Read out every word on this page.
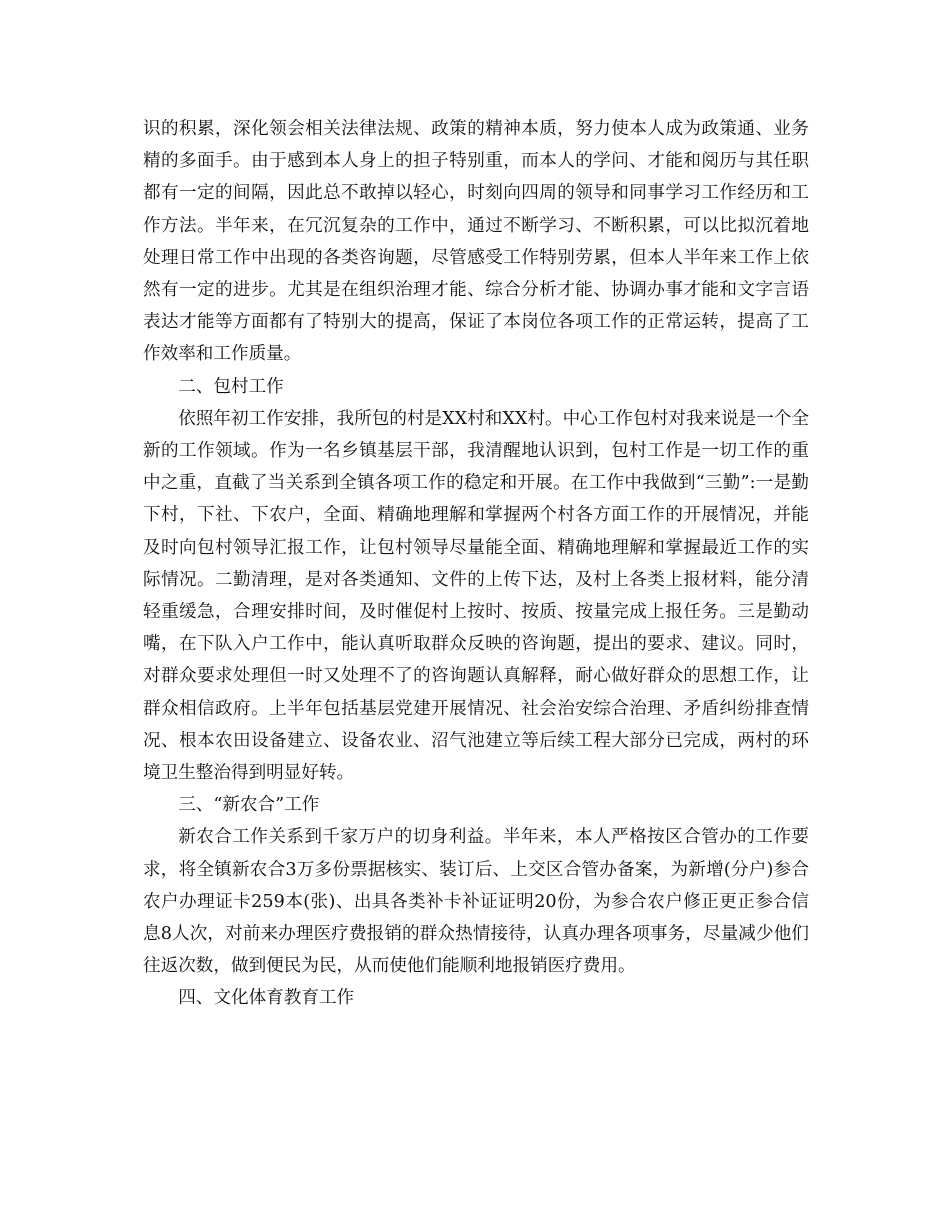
识的积累，深化领会相关法律法规、政策的精神本质，努力使本人成为政策通、业务精的多面手。由于感到本人身上的担子特别重，而本人的学问、才能和阅历与其任职都有一定的间隔，因此总不敢掉以轻心，时刻向四周的领导和同事学习工作经历和工作方法。半年来，在冗沉复杂的工作中，通过不断学习、不断积累，可以比拟沉着地处理日常工作中出现的各类咨询题，尽管感受工作特别劳累，但本人半年来工作上依然有一定的进步。尤其是在组织治理才能、综合分析才能、协调办事才能和文字言语表达才能等方面都有了特别大的提高，保证了本岗位各项工作的正常运转，提高了工作效率和工作质量。

二、包村工作

依照年初工作安排，我所包的村是XX村和XX村。中心工作包村对我来说是一个全新的工作领域。作为一名乡镇基层干部，我清醒地认识到，包村工作是一切工作的重中之重，直截了当关系到全镇各项工作的稳定和开展。在工作中我做到“三勤”:一是勤下村，下社、下农户，全面、精确地理解和掌握两个村各方面工作的开展情况，并能及时向包村领导汇报工作，让包村领导尽量能全面、精确地理解和掌握最近工作的实际情况。二勤清理，是对各类通知、文件的上传下达，及村上各类上报材料，能分清轻重缓急，合理安排时间，及时催促村上按时、按质、按量完成上报任务。三是勤动嘴，在下队入户工作中，能认真听取群众反映的咨询题，提出的要求、建议。同时，对群众要求处理但一时又处理不了的咨询题认真解释，耐心做好群众的思想工作，让群众相信政府。上半年包括基层党建开展情况、社会治安综合治理、矛盾纠纷排查情况、根本农田设备建立、设备农业、沼气池建立等后续工程大部分已完成，两村的环境卫生整治得到明显好转。

三、“新农合”工作

新农合工作关系到千家万户的切身利益。半年来，本人严格按区合管办的工作要求，将全镇新农合3万多份票据核实、装订后、上交区合管办备案，为新增(分户)参合农户办理证卡259本(张)、出具各类补卡补证证明20份，为参合农户修正更正参合信息8人次，对前来办理医疗费报销的群众热情接待，认真办理各项事务，尽量减少他们往返次数，做到便民为民，从而使他们能顺利地报销医疗费用。

四、文化体育教育工作
